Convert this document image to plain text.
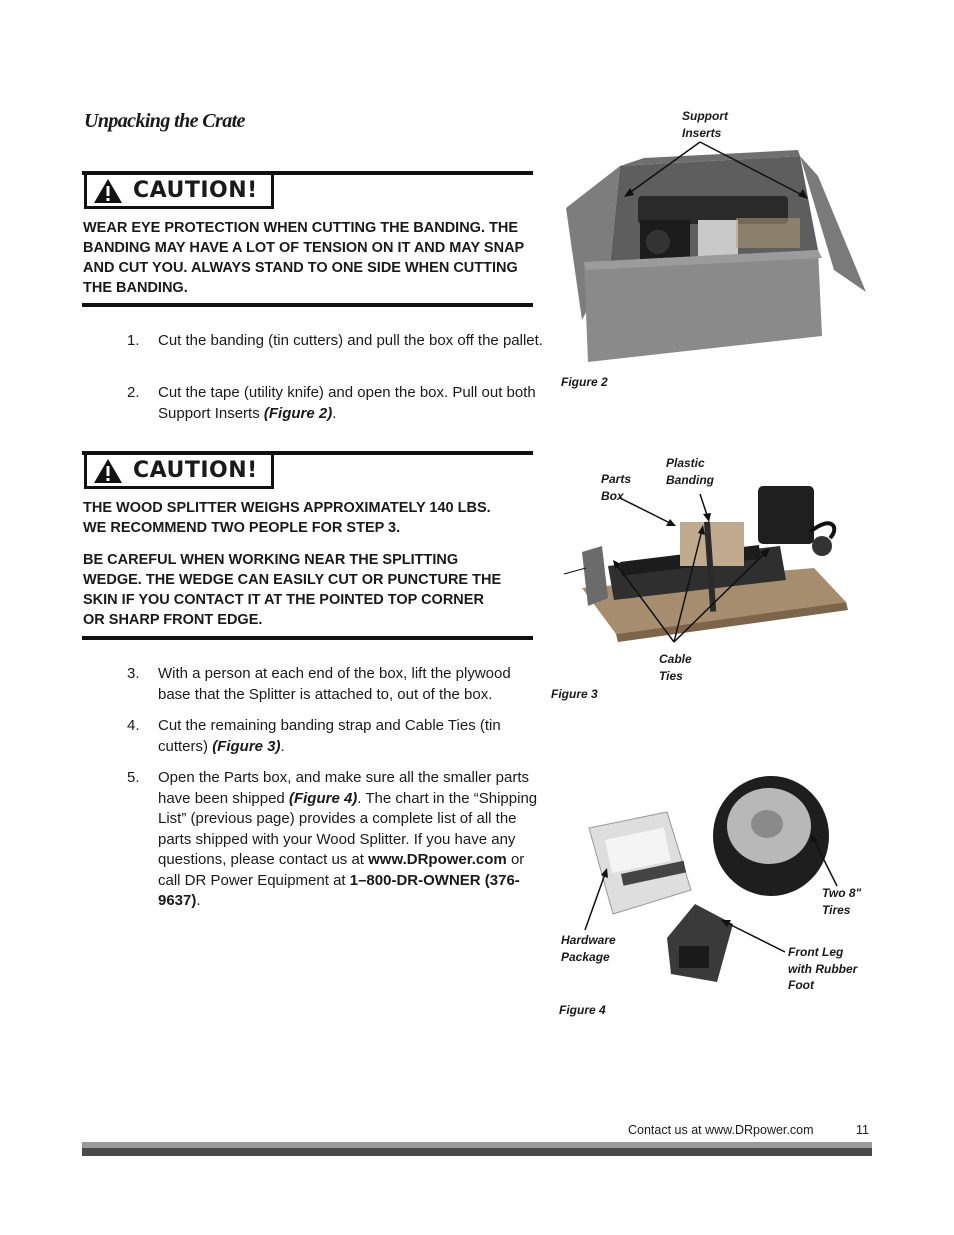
Unpacking the Crate
CAUTION!

WEAR EYE PROTECTION WHEN CUTTING THE BANDING. THE BANDING MAY HAVE A LOT OF TENSION ON IT AND MAY SNAP AND CUT YOU. ALWAYS STAND TO ONE SIDE WHEN CUTTING THE BANDING.

1. Cut the banding (tin cutters) and pull the box off the pallet.
2. Cut the tape (utility knife) and open the box. Pull out both Support Inserts (Figure 2).
CAUTION!

THE WOOD SPLITTER WEIGHS APPROXIMATELY 140 LBS. WE RECOMMEND TWO PEOPLE FOR STEP 3.

BE CAREFUL WHEN WORKING NEAR THE SPLITTING WEDGE. THE WEDGE CAN EASILY CUT OR PUNCTURE THE SKIN IF YOU CONTACT IT AT THE POINTED TOP CORNER OR SHARP FRONT EDGE.

3. With a person at each end of the box, lift the plywood base that the Splitter is attached to, out of the box.
4. Cut the remaining banding strap and Cable Ties (tin cutters) (Figure 3).
5. Open the Parts box, and make sure all the smaller parts have been shipped (Figure 4). The chart in the “Shipping List” (previous page) provides a complete list of all the parts shipped with your Wood Splitter. If you have any questions, please contact us at www.DRpower.com or call DR Power Equipment at 1–800-DR-OWNER (376-9637).
Support
Inserts
Figure 2
Parts
Box
Plastic
Banding
Cable
Ties
Figure 3
Two 8"
Tires
Hardware
Package	Front Leg
with Rubber
Foot
Figure 4
Contact us at www.DRpower.com	11
